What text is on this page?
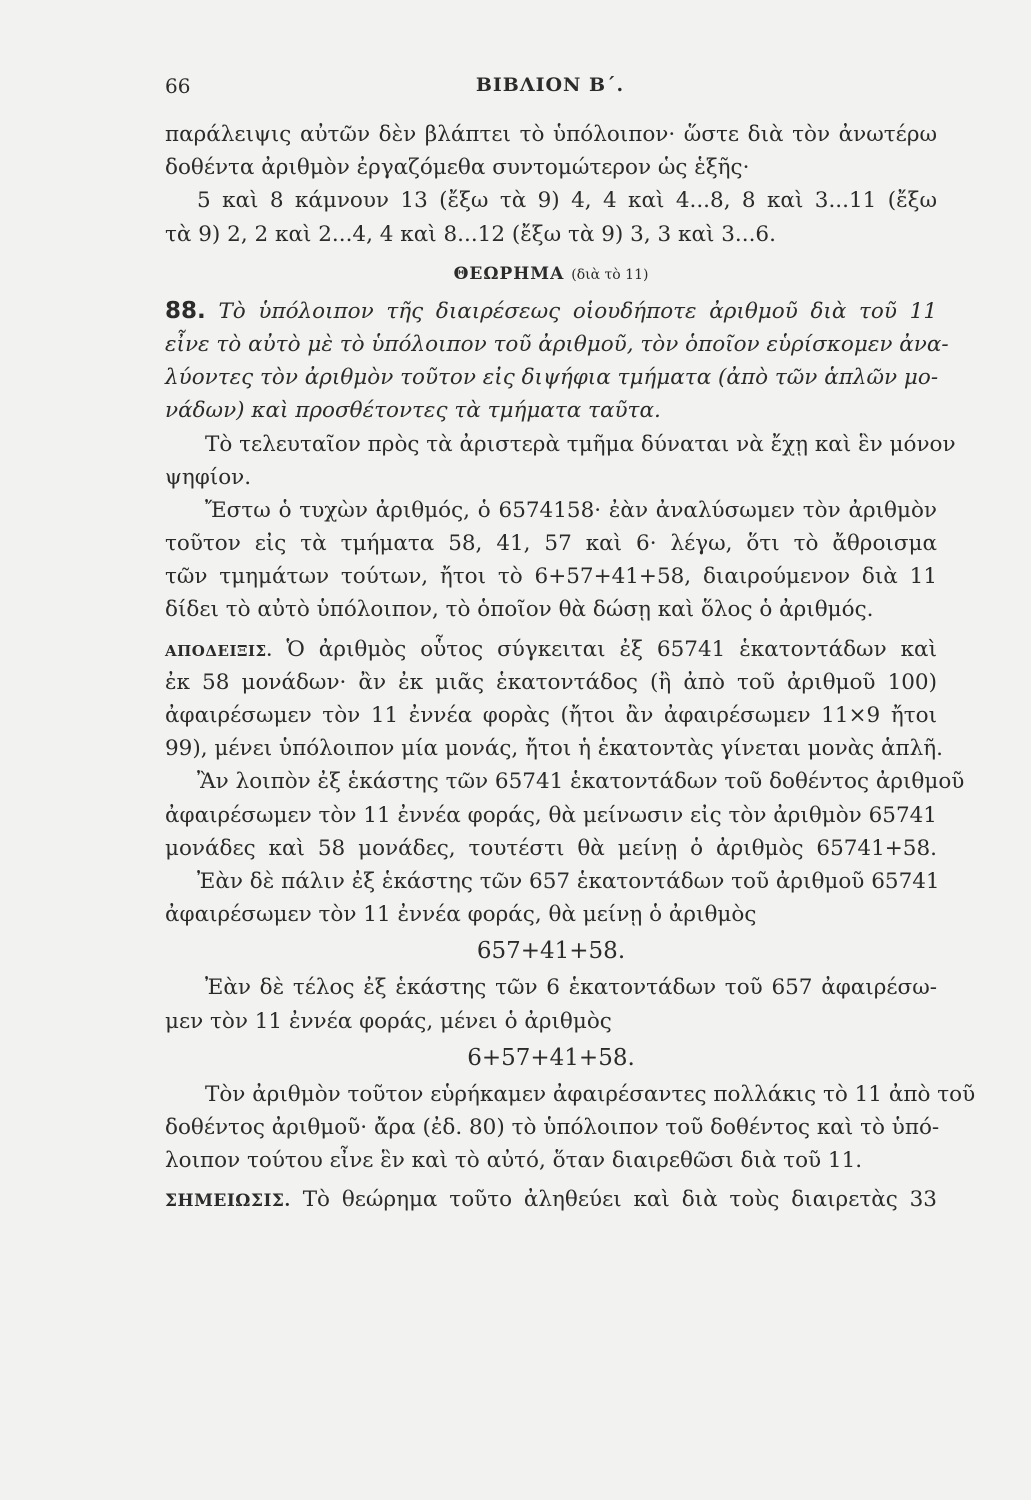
66	ΒΙΒΛΙΟΝ Β΄.
παράλειψις αὐτῶν δὲν βλάπτει τὸ ὑπόλοιπον· ὥστε διὰ τὸν ἀνωτέρω
δοθέντα ἀριθμὸν ἐργαζόμεθα συντομώτερον ὡς ἑξῆς·
5 καὶ 8 κάμνουν 13 (ἔξω τὰ 9) 4, 4 καὶ 4...8, 8 καὶ 3...11 (ἔξω
τὰ 9) 2, 2 καὶ 2...4, 4 καὶ 8...12 (ἔξω τὰ 9) 3, 3 καὶ 3...6.
ΘΕΩΡΗΜΑ (διὰ τὸ 11)
88. Τὸ ὑπόλοιπον τῆς διαιρέσεως οἱουδήποτε ἀριθμοῦ διὰ τοῦ 11
εἶνε τὸ αὐτὸ μὲ τὸ ὑπόλοιπον τοῦ ἀριθμοῦ, τὸν ὁποῖον εὑρίσκομεν ἀνα-
λύοντες τὸν ἀριθμὸν τοῦτον εἰς διψήφια τμήματα (ἀπὸ τῶν ἁπλῶν μο-
νάδων) καὶ προσθέτοντες τὰ τμήματα ταῦτα.
Τὸ τελευταῖον πρὸς τὰ ἀριστερὰ τμῆμα δύναται νὰ ἔχῃ καὶ ἓν μόνον
ψηφίον.
Ἔστω ὁ τυχὼν ἀριθμός, ὁ 6574158· ἐὰν ἀναλύσωμεν τὸν ἀριθμὸν
τοῦτον εἰς τὰ τμήματα 58, 41, 57 καὶ 6· λέγω, ὅτι τὸ ἄθροισμα
τῶν τμημάτων τούτων, ἤτοι τὸ 6+57+41+58, διαιρούμενον διὰ 11
δίδει τὸ αὐτὸ ὑπόλοιπον, τὸ ὁποῖον θὰ δώσῃ καὶ ὅλος ὁ ἀριθμός.
ΑΠΟΔΕΙΞΙΣ. Ὁ ἀριθμὸς οὗτος σύγκειται ἐξ 65741 ἑκατοντάδων καὶ
ἐκ 58 μονάδων· ἂν ἐκ μιᾶς ἑκατοντάδος (ἢ ἀπὸ τοῦ ἀριθμοῦ 100)
ἀφαιρέσωμεν τὸν 11 ἐννέα φορὰς (ἤτοι ἂν ἀφαιρέσωμεν 11×9 ἤτοι
99), μένει ὑπόλοιπον μία μονάς, ἤτοι ἡ ἑκατοντὰς γίνεται μονὰς ἁπλῆ.
Ἂν λοιπὸν ἐξ ἑκάστης τῶν 65741 ἑκατοντάδων τοῦ δοθέντος ἀριθμοῦ
ἀφαιρέσωμεν τὸν 11 ἐννέα φοράς, θὰ μείνωσιν εἰς τὸν ἀριθμὸν 65741
μονάδες καὶ 58 μονάδες, τουτέστι θὰ μείνῃ ὁ ἀριθμὸς 65741+58.
Ἐὰν δὲ πάλιν ἐξ ἑκάστης τῶν 657 ἑκατοντάδων τοῦ ἀριθμοῦ 65741
ἀφαιρέσωμεν τὸν 11 ἐννέα φοράς, θὰ μείνῃ ὁ ἀριθμὸς
657+41+58.
Ἐὰν δὲ τέλος ἐξ ἑκάστης τῶν 6 ἑκατοντάδων τοῦ 657 ἀφαιρέσω-
μεν τὸν 11 ἐννέα φοράς, μένει ὁ ἀριθμὸς
6+57+41+58.
Τὸν ἀριθμὸν τοῦτον εὑρήκαμεν ἀφαιρέσαντες πολλάκις τὸ 11 ἀπὸ τοῦ
δοθέντος ἀριθμοῦ· ἄρα (ἐδ. 80) τὸ ὑπόλοιπον τοῦ δοθέντος καὶ τὸ ὑπό-
λοιπον τούτου εἶνε ἓν καὶ τὸ αὐτό, ὅταν διαιρεθῶσι διὰ τοῦ 11.
ΣΗΜΕΙΩΣΙΣ. Τὸ θεώρημα τοῦτο ἀληθεύει καὶ διὰ τοὺς διαιρετὰς 33
